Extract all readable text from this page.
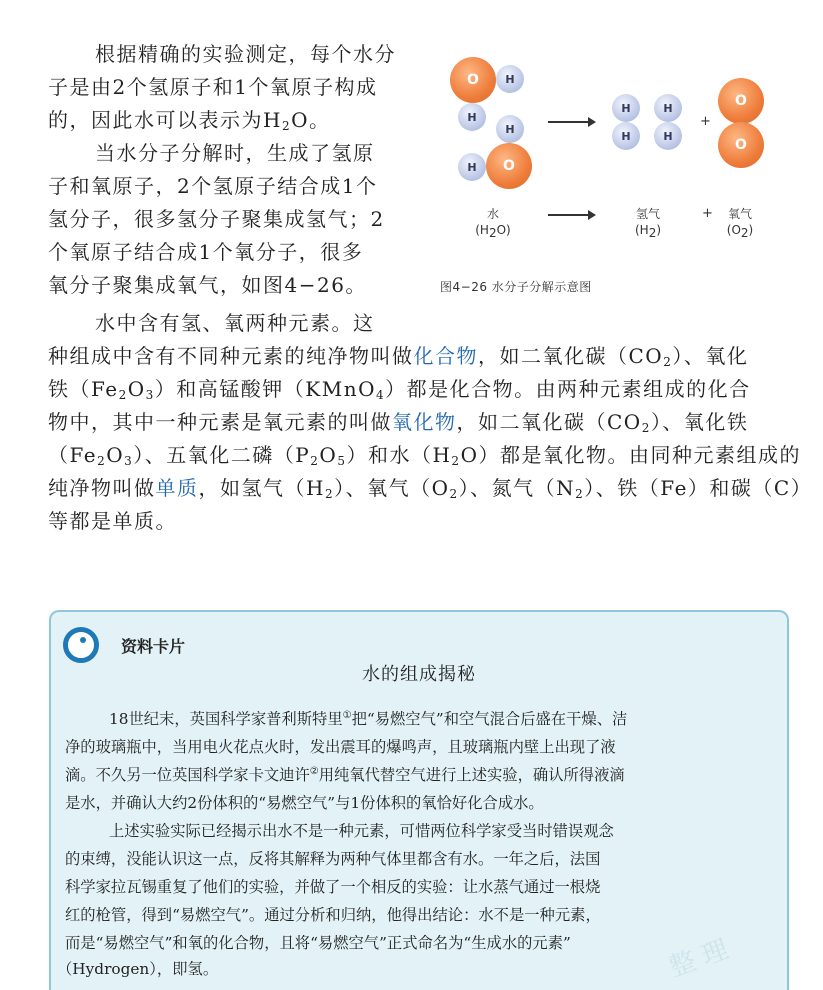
根据精确的实验测定，每个水分

子是由2个氢原子和1个氧原子构成

的，因此水可以表示为$H_2O$。

当水分子分解时，生成了氢原

子和氧原子，2个氢原子结合成1个

氢分子，很多氢分子聚集成氢气；2

个氧原子结合成1个氧分子，很多

氧分子聚集成氧气，如图4−26。

水中含有氢、氧两种元素。这

种组成中含有不同种元素的纯净物叫做化合物，如二氧化碳$(CO_2)$、氧化

铁$(Fe_2O_3)$和高锰酸钾（KMnO$_4$）都是化合物。由两种元素组成的化合

物中，其中一种元素是氧元素的叫做氧化物，如二氧化碳$(CO_2)$、氧化铁

$(Fe_2O_3)$、五氧化二磷$(P_2O_5)$和水$(H_2O)$都是氧化物。由同种元素组成的

纯净物叫做单质，如氢气$(H_2)$、氧气$(O_2)$、氮气$(N_2)$、铁（Fe）和碳（C）

等都是单质。

O H
H
H
H O
H
H
H
H
+
O
O
水
$(H_2O)$
氢气
$(H_2)$
+	氧气
$(O_2)$
图4−26 水分子分解示意图
资料卡片
水的组成揭秘

18世纪末，英国科学家普利斯特里①把“易燃空气”和空气混合后盛在干燥、洁

净的玻璃瓶中，当用电火花点火时，发出震耳的爆鸣声，且玻璃瓶内壁上出现了液

滴。不久另一位英国科学家卡文迪许②用纯氧代替空气进行上述实验，确认所得液滴

是水，并确认大约2份体积的“易燃空气”与1份体积的氧恰好化合成水。

上述实验实际已经揭示出水不是一种元素，可惜两位科学家受当时错误观念

的束缚，没能认识这一点，反将其解释为两种气体里都含有水。一年之后，法国

科学家拉瓦锡重复了他们的实验，并做了一个相反的实验：让水蒸气通过一根烧

红的枪管，得到“易燃空气”。通过分析和归纳，他得出结论：水不是一种元素，

而是“易燃空气”和氧的化合物，且将“易燃空气”正式命名为“生成水的元素”

（Hydrogen），即氢。	整 理
